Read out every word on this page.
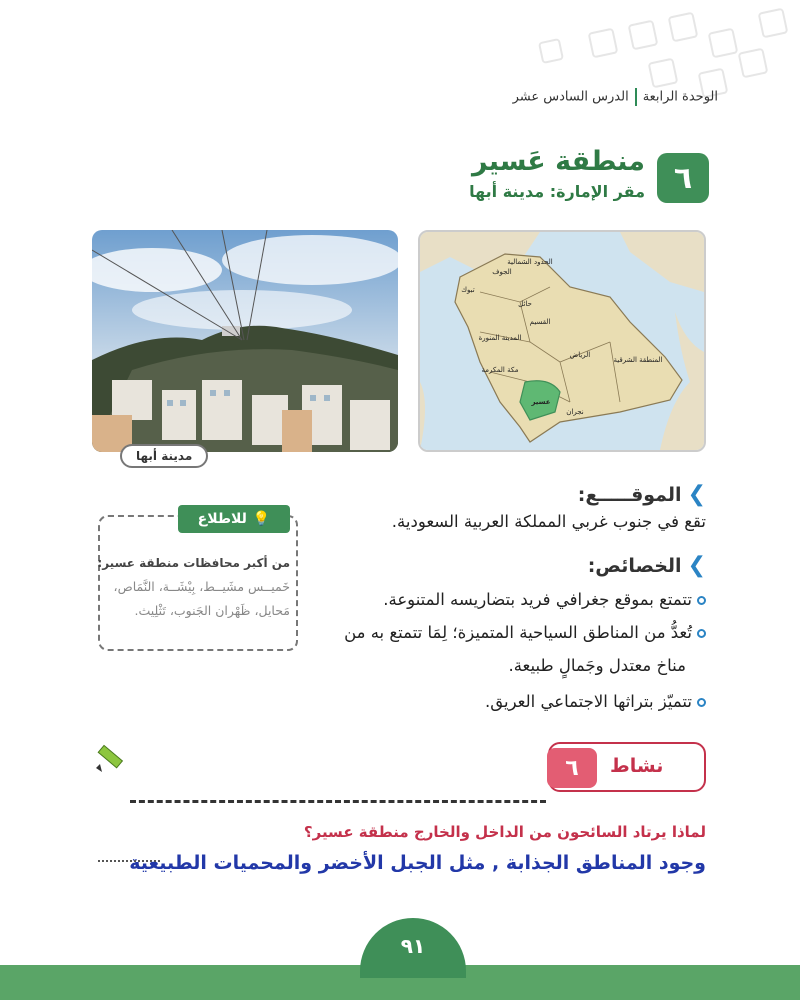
الوحدة الرابعةالدرس السادس عشر
٦
منطقة عَسير
مقر الإمارة: مدينة أبها
مدينة أبها
الجوف
الحدود الشمالية
تبوك
حائل
القسيم
المدينة المنورة
الرياض
المنطقة الشرقية
مكة المكرمة
عسير
نجران
❯الموقـــــع:
تقع في جنوب غربي المملكة العربية السعودية.
❯الخصائص:
تتمتع بموقع جغرافي فريد بتضاريسه المتنوعة.
تُعدُّ من المناطق السياحية المتميزة؛ لِمَا تتمتع به من
مناخ معتدل وجَمالٍ طبيعة.
تتميّز بتراثها الاجتماعي العريق.
💡
للاطلاع
من أكبر محافظات منطقة عسير:
خَميــس مشَيــط، بِيْشَــة، النَّمَاص،
مَحايل، ظَهْران الجَنوب، تَثْلِيث.
نشاط
٦
لماذا يرتاد السائحون من الداخل والخارج منطقة عسير؟
وجود المناطق الجذابة , مثل الجبل الأخضر والمحميات الطبيعية
٩١
